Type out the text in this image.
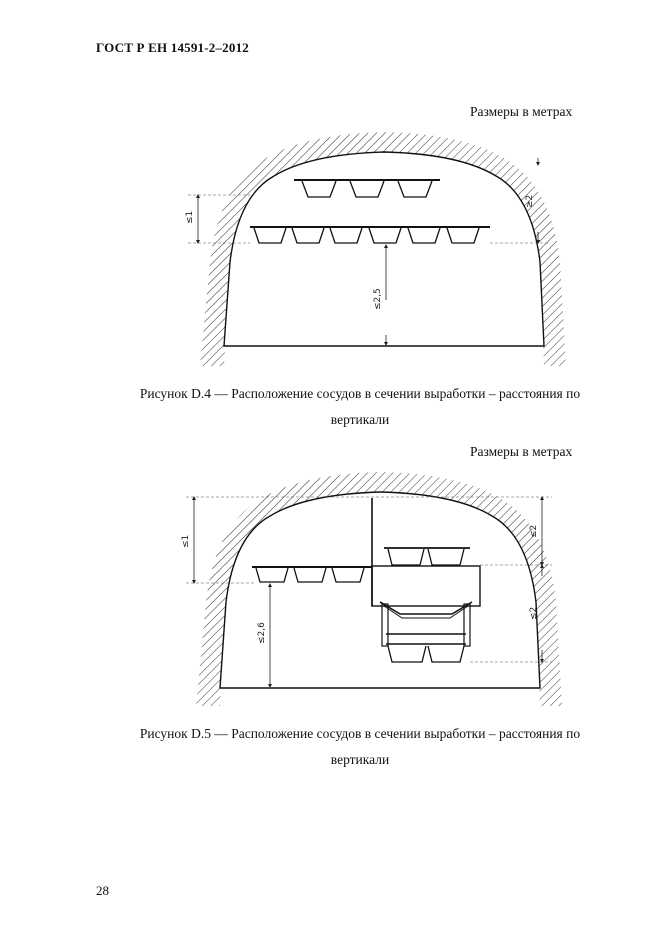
ГОСТ Р ЕН 14591-2–2012
Размеры в метрах
≤1
≥2
≤2,5
Рисунок D.4 — Расположение сосудов в сечении выработки – расстояния по
вертикали
Размеры в метрах
≤1
≤2,6
≤2
≤2
Рисунок D.5 — Расположение сосудов в сечении выработки – расстояния по
вертикали
28
